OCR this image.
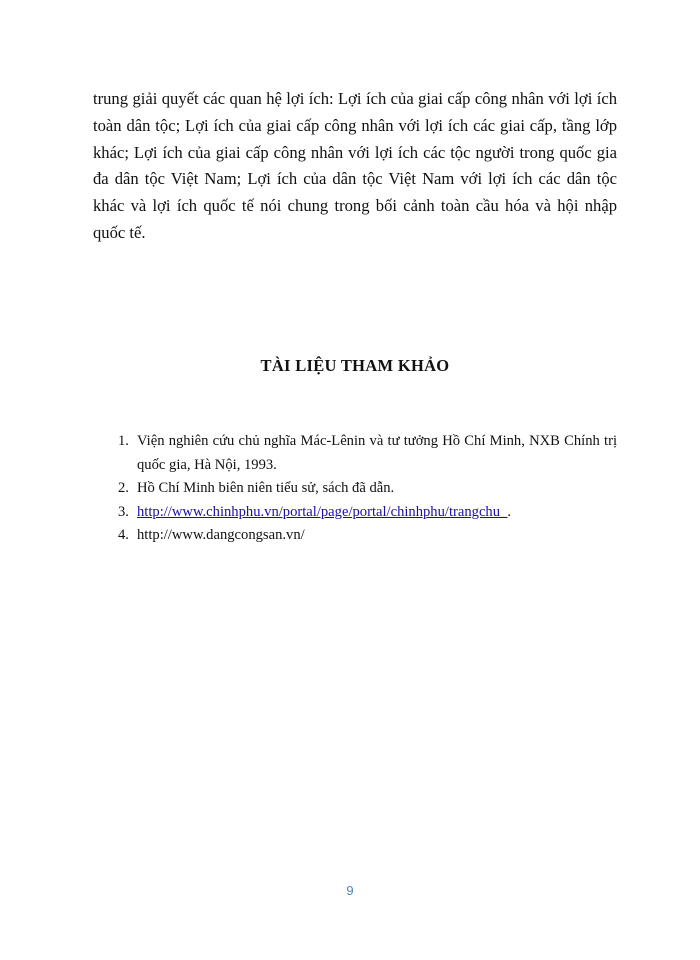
trung giải quyết các quan hệ lợi ích: Lợi ích của giai cấp công nhân với lợi ích toàn dân tộc; Lợi ích của giai cấp công nhân với lợi ích các giai cấp, tầng lớp khác; Lợi ích của giai cấp công nhân với lợi ích các tộc người trong quốc gia đa dân tộc Việt Nam; Lợi ích của dân tộc Việt Nam với lợi ích các dân tộc khác và lợi ích quốc tế nói chung trong bối cảnh toàn cầu hóa và hội nhập quốc tế.

TÀI LIỆU THAM KHẢO
1. Viện nghiên cứu chủ nghĩa Mác-Lênin và tư tưởng Hồ Chí Minh, NXB Chính trị quốc gia, Hà Nội, 1993.
2. Hồ Chí Minh biên niên tiểu sử, sách đã dẫn.
3. http://www.chinhphu.vn/portal/page/portal/chinhphu/trangchu_.
4. http://www.dangcongsan.vn/
9
